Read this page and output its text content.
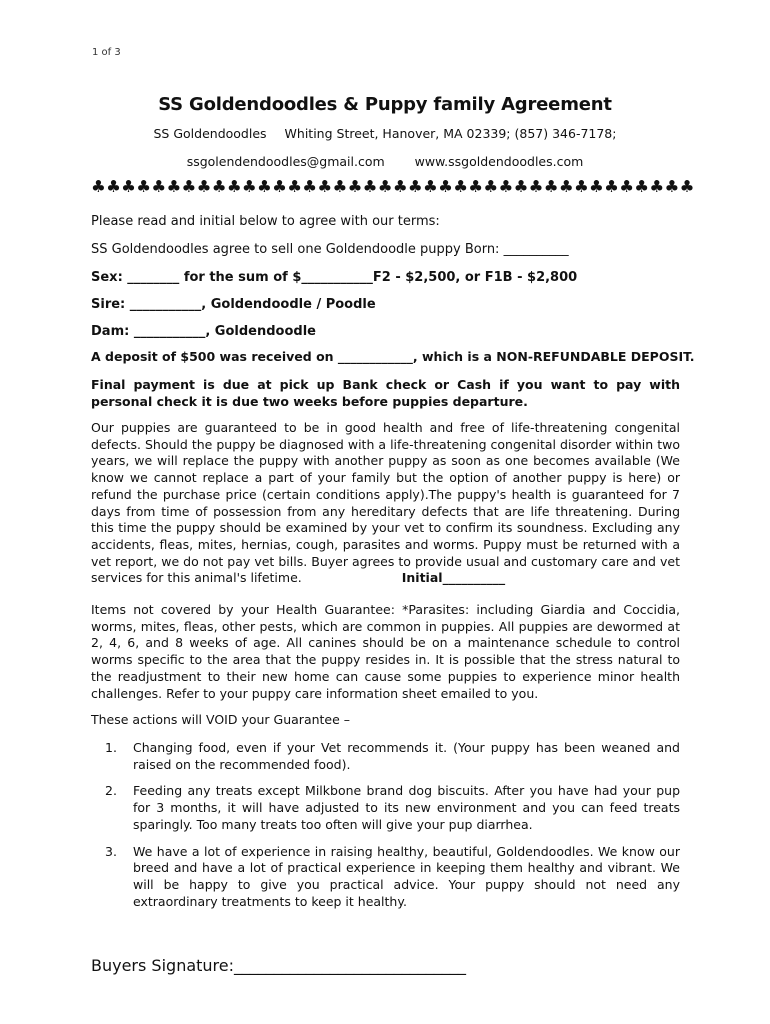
1 of 3
SS Goldendoodles & Puppy family Agreement
SS Goldendoodles Whiting Street, Hanover, MA 02339; (857) 346-7178;
ssgolendendoodles@gmail.com www.ssgoldendoodles.com
♣♣♣♣♣♣♣♣♣♣♣♣♣♣♣♣♣♣♣♣♣♣♣♣♣♣♣♣♣♣♣♣♣♣♣♣♣♣♣♣
Please read and initial below to agree with our terms:
SS Goldendoodles agree to sell one Goldendoodle puppy Born: __________
Sex: ________ for the sum of $___________F2 - $2,500, or F1B - $2,800
Sire: ___________, Goldendoodle / Poodle
Dam: ___________, Goldendoodle
A deposit of $500 was received on ____________, which is a NON-REFUNDABLE DEPOSIT.
Final payment is due at pick up Bank check or Cash if you want to pay with personal check it is due two weeks before puppies departure.
Our puppies are guaranteed to be in good health and free of life-threatening congenital defects. Should the puppy be diagnosed with a life-threatening congenital disorder within two years, we will replace the puppy with another puppy as soon as one becomes available (We know we cannot replace a part of your family but the option of another puppy is here) or refund the purchase price (certain conditions apply).The puppy's health is guaranteed for 7 days from time of possession from any hereditary defects that are life threatening. During this time the puppy should be examined by your vet to confirm its soundness. Excluding any accidents, fleas, mites, hernias, cough, parasites and worms. Puppy must be returned with a vet report, we do not pay vet bills. Buyer agrees to provide usual and customary care and vet services for this animal's lifetime.	Initial__________
Items not covered by your Health Guarantee: *Parasites: including Giardia and Coccidia, worms, mites, fleas, other pests, which are common in puppies. All puppies are dewormed at 2, 4, 6, and 8 weeks of age. All canines should be on a maintenance schedule to control worms specific to the area that the puppy resides in. It is possible that the stress natural to the readjustment to their new home can cause some puppies to experience minor health challenges. Refer to your puppy care information sheet emailed to you.
These actions will VOID your Guarantee –
1. Changing food, even if your Vet recommends it. (Your puppy has been weaned and raised on the recommended food).
2. Feeding any treats except Milkbone brand dog biscuits. After you have had your pup for 3 months, it will have adjusted to its new environment and you can feed treats sparingly. Too many treats too often will give your pup diarrhea.
3. We have a lot of experience in raising healthy, beautiful, Goldendoodles. We know our breed and have a lot of practical experience in keeping them healthy and vibrant. We will be happy to give you practical advice. Your puppy should not need any extraordinary treatments to keep it healthy.
Buyers Signature:_____________________________
